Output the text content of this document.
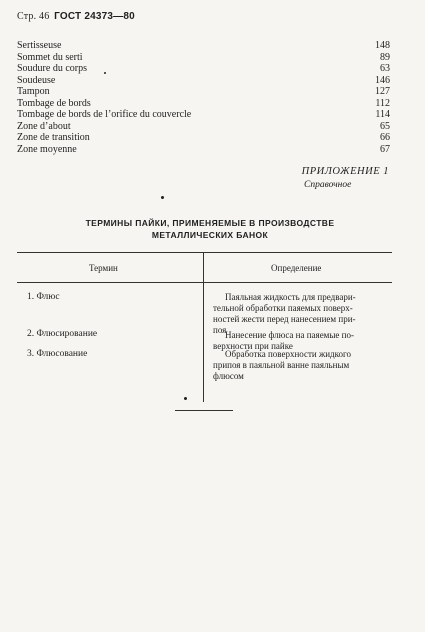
Стр. 46 ГОСТ 24373—80
Sertisseuse	148
Sommet du serti	89
Soudure du corps	63
Soudeuse	146
Tampon	127
Tombage de bords	112
Tombage de bords de l’orifice du couvercle	114
Zone d’about	65
Zone de transition	66
Zone moyenne	67
ПРИЛОЖЕНИЕ 1
Справочное
ТЕРМИНЫ ПАЙКИ, ПРИМЕНЯЕМЫЕ В ПРОИЗВОДСТВЕ
МЕТАЛЛИЧЕСКИХ БАНОК
Термин	Определение
1. Флюс	Паяльная жидкость для предвари-
тельной обработки паяемых поверх-
ностей жести перед нанесением при-
поя
2. Флюсирование	Нанесение флюса на паяемые по-
верхности при пайке
3. Флюсование	Обработка поверхности жидкого
припоя в паяльной ванне паяльным
флюсом
